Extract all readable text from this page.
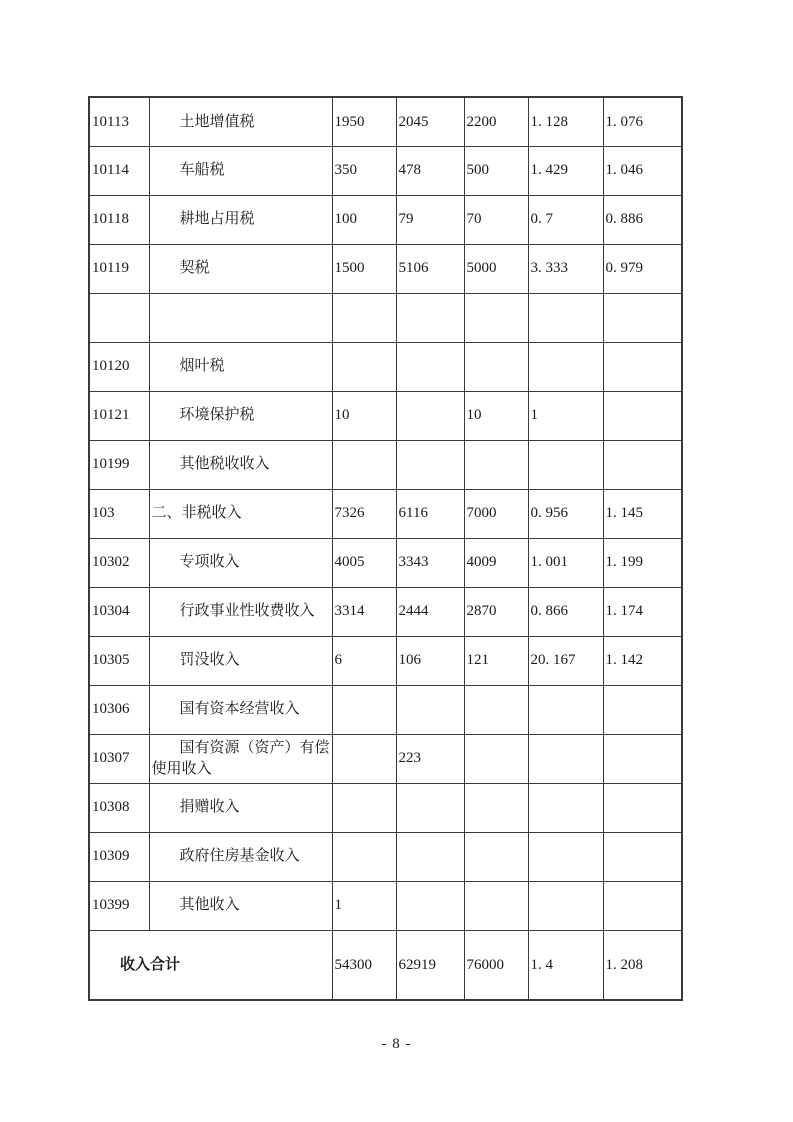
10113	土地增值税	1950	2045	2200	1. 128	1. 076
10114	车船税	350	478	500	1. 429	1. 046
10118	耕地占用税	100	79	70	0. 7	0. 886
10119	契税	1500	5106	5000	3. 333	0. 979

10120	烟叶税					
10121	环境保护税	10		10	1	
10199	其他税收收入					
103	二、非税收入	7326	6116	7000	0. 956	1. 145
10302	专项收入	4005	3343	4009	1. 001	1. 199
10304	行政事业性收费收入	3314	2444	2870	0. 866	1. 174
10305	罚没收入	6	106	121	20. 167	1. 142
10306	国有资本经营收入					
10307	国有资源（资产）有偿使用收入		223			
10308	捐赠收入					
10309	政府住房基金收入					
10399	其他收入	1				
收入合计		54300	62919	76000	1. 4	1. 208
- 8 -
